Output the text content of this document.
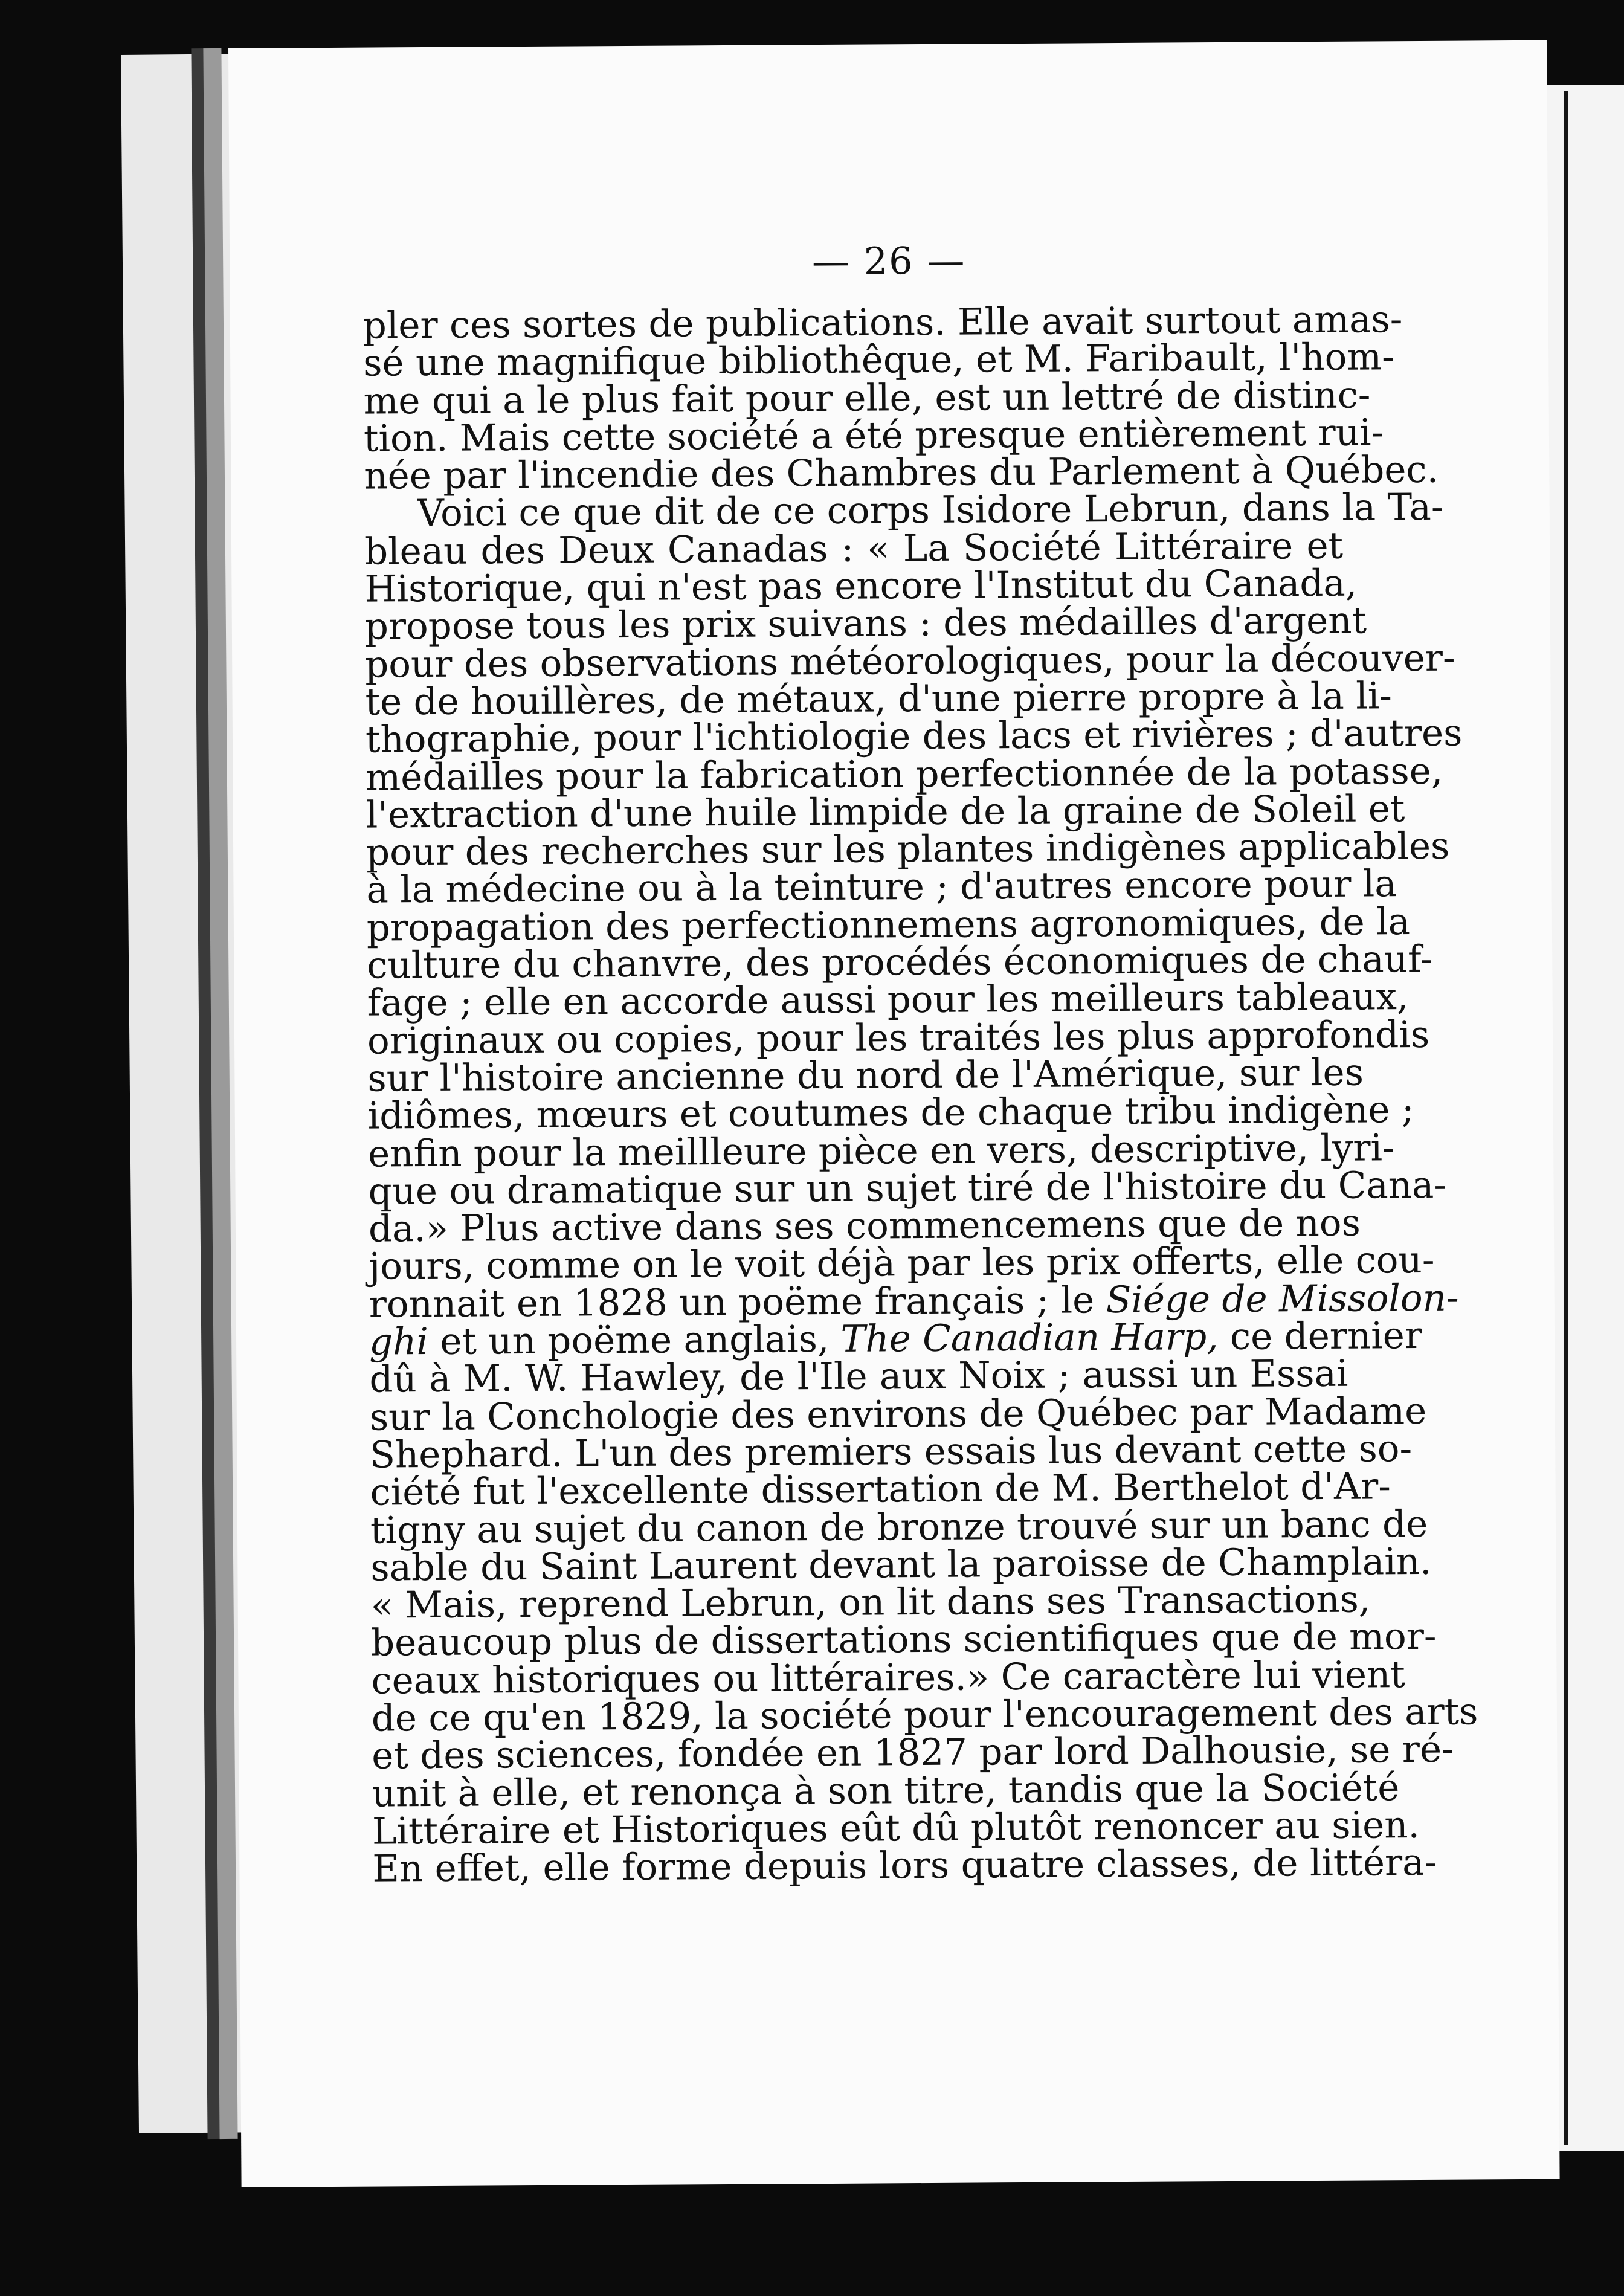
— 26 —
pler ces sortes de publications. Elle avait surtout amas-
sé une magnifique bibliothêque, et M. Faribault, l'hom-
me qui a le plus fait pour elle, est un lettré de distinc-
tion. Mais cette société a été presque entièrement rui-
née par l'incendie des Chambres du Parlement à Québec.
Voici ce que dit de ce corps Isidore Lebrun, dans la Ta-
bleau des Deux Canadas : « La Société Littéraire et
Historique, qui n'est pas encore l'Institut du Canada,
propose tous les prix suivans : des médailles d'argent
pour des observations météorologiques, pour la découver-
te de houillères, de métaux, d'une pierre propre à la li-
thographie, pour l'ichtiologie des lacs et rivières ; d'autres
médailles pour la fabrication perfectionnée de la potasse,
l'extraction d'une huile limpide de la graine de Soleil et
pour des recherches sur les plantes indigènes applicables
à la médecine ou à la teinture ; d'autres encore pour la
propagation des perfectionnemens agronomiques, de la
culture du chanvre, des procédés économiques de chauf-
fage ; elle en accorde aussi pour les meilleurs tableaux,
originaux ou copies, pour les traités les plus approfondis
sur l'histoire ancienne du nord de l'Amérique, sur les
idiômes, mœurs et coutumes de chaque tribu indigène ;
enfin pour la meillleure pièce en vers, descriptive, lyri-
que ou dramatique sur un sujet tiré de l'histoire du Cana-
da.» Plus active dans ses commencemens que de nos
jours, comme on le voit déjà par les prix offerts, elle cou-
ronnait en 1828 un poëme français ; le Siége de Missolon-
ghi et un poëme anglais, The Canadian Harp, ce dernier
dû à M. W. Hawley, de l'Ile aux Noix ; aussi un Essai
sur la Conchologie des environs de Québec par Madame
Shephard. L'un des premiers essais lus devant cette so-
ciété fut l'excellente dissertation de M. Berthelot d'Ar-
tigny au sujet du canon de bronze trouvé sur un banc de
sable du Saint Laurent devant la paroisse de Champlain.
« Mais, reprend Lebrun, on lit dans ses Transactions,
beaucoup plus de dissertations scientifiques que de mor-
ceaux historiques ou littéraires.» Ce caractère lui vient
de ce qu'en 1829, la société pour l'encouragement des arts
et des sciences, fondée en 1827 par lord Dalhousie, se ré-
unit à elle, et renonça à son titre, tandis que la Société
Littéraire et Historiques eût dû plutôt renoncer au sien.
En effet, elle forme depuis lors quatre classes, de littéra-
